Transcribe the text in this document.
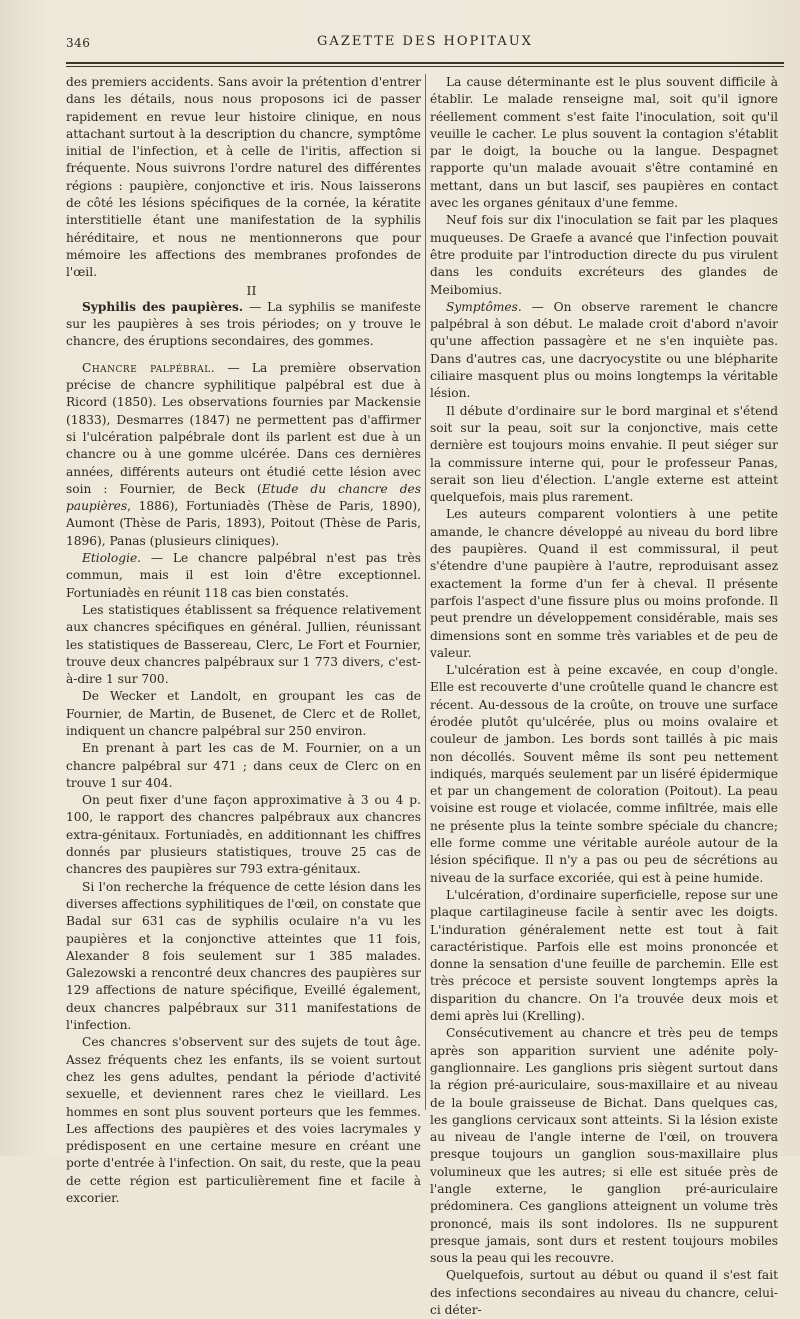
346	GAZETTE DES HOPITAUX

des premiers accidents. Sans avoir la prétention d'entrer dans les détails, nous nous proposons ici de passer rapidement en revue leur histoire clinique, en nous attachant surtout à la description du chancre, symptôme initial de l'infection, et à celle de l'iritis, affection si fréquente. Nous suivrons l'ordre naturel des différentes régions : paupière, conjonctive et iris. Nous laisserons de côté les lésions spécifiques de la cornée, la kératite interstitielle étant une manifestation de la syphilis héréditaire, et nous ne mentionnerons que pour mémoire les affections des membranes profondes de l'œil.

II

Syphilis des paupières. — La syphilis se manifeste sur les paupières à ses trois périodes; on y trouve le chancre, des éruptions secondaires, des gommes.

Chancre palpébral. — La première observation précise de chancre syphilitique palpébral est due à Ricord (1850). Les observations fournies par Mackensie (1833), Desmarres (1847) ne permettent pas d'affirmer si l'ulcération palpébrale dont ils parlent est due à un chancre ou à une gomme ulcérée. Dans ces dernières années, différents auteurs ont étudié cette lésion avec soin : Fournier, de Beck (Etude du chancre des paupières, 1886), Fortuniadès (Thèse de Paris, 1890), Aumont (Thèse de Paris, 1893), Poitout (Thèse de Paris, 1896), Panas (plusieurs cliniques).

Etiologie. — Le chancre palpébral n'est pas très commun, mais il est loin d'être exceptionnel. Fortuniadès en réunit 118 cas bien constatés.

Les statistiques établissent sa fréquence relativement aux chancres spécifiques en général. Jullien, réunissant les statistiques de Bassereau, Clerc, Le Fort et Fournier, trouve deux chancres palpébraux sur 1 773 divers, c'est-à-dire 1 sur 700.

De Wecker et Landolt, en groupant les cas de Fournier, de Martin, de Busenet, de Clerc et de Rollet, indiquent un chancre palpébral sur 250 environ.

En prenant à part les cas de M. Fournier, on a un chancre palpébral sur 471 ; dans ceux de Clerc on en trouve 1 sur 404.

On peut fixer d'une façon approximative à 3 ou 4 p. 100, le rapport des chancres palpébraux aux chancres extra-génitaux. Fortuniadès, en additionnant les chiffres donnés par plusieurs statistiques, trouve 25 cas de chancres des paupières sur 793 extra-génitaux.

Si l'on recherche la fréquence de cette lésion dans les diverses affections syphilitiques de l'œil, on constate que Badal sur 631 cas de syphilis oculaire n'a vu les paupières et la conjonctive atteintes que 11 fois, Alexander 8 fois seulement sur 1 385 malades. Galezowski a rencontré deux chancres des paupières sur 129 affections de nature spécifique, Eveillé également, deux chancres palpébraux sur 311 manifestations de l'infection.

Ces chancres s'observent sur des sujets de tout âge. Assez fréquents chez les enfants, ils se voient surtout chez les gens adultes, pendant la période d'activité sexuelle, et deviennent rares chez le vieillard. Les hommes en sont plus souvent porteurs que les femmes. Les affections des paupières et des voies lacrymales y prédisposent en une certaine mesure en créant une porte d'entrée à l'infection. On sait, du reste, que la peau de cette région est particulièrement fine et facile à excorier.

La cause déterminante est le plus souvent difficile à établir. Le malade renseigne mal, soit qu'il ignore réellement comment s'est faite l'inoculation, soit qu'il veuille le cacher. Le plus souvent la contagion s'établit par le doigt, la bouche ou la langue. Despagnet rapporte qu'un malade avouait s'être contaminé en mettant, dans un but lascif, ses paupières en contact avec les organes génitaux d'une femme.

Neuf fois sur dix l'inoculation se fait par les plaques muqueuses. De Graefe a avancé que l'infection pouvait être produite par l'introduction directe du pus virulent dans les conduits excréteurs des glandes de Meibomius.

Symptômes. — On observe rarement le chancre palpébral à son début. Le malade croit d'abord n'avoir qu'une affection passagère et ne s'en inquiète pas. Dans d'autres cas, une dacryocystite ou une blépharite ciliaire masquent plus ou moins longtemps la véritable lésion.

Il débute d'ordinaire sur le bord marginal et s'étend soit sur la peau, soit sur la conjonctive, mais cette dernière est toujours moins envahie. Il peut siéger sur la commissure interne qui, pour le professeur Panas, serait son lieu d'élection. L'angle externe est atteint quelquefois, mais plus rarement.

Les auteurs comparent volontiers à une petite amande, le chancre développé au niveau du bord libre des paupières. Quand il est commissural, il peut s'étendre d'une paupière à l'autre, reproduisant assez exactement la forme d'un fer à cheval. Il présente parfois l'aspect d'une fissure plus ou moins profonde. Il peut prendre un développement considérable, mais ses dimensions sont en somme très variables et de peu de valeur.

L'ulcération est à peine excavée, en coup d'ongle. Elle est recouverte d'une croûtelle quand le chancre est récent. Au-dessous de la croûte, on trouve une surface érodée plutôt qu'ulcérée, plus ou moins ovalaire et couleur de jambon. Les bords sont taillés à pic mais non décollés. Souvent même ils sont peu nettement indiqués, marqués seulement par un liséré épidermique et par un changement de coloration (Poitout). La peau voisine est rouge et violacée, comme infiltrée, mais elle ne présente plus la teinte sombre spéciale du chancre; elle forme comme une véritable auréole autour de la lésion spécifique. Il n'y a pas ou peu de sécrétions au niveau de la surface excoriée, qui est à peine humide.

L'ulcération, d'ordinaire superficielle, repose sur une plaque cartilagineuse facile à sentir avec les doigts. L'induration généralement nette est tout à fait caractéristique. Parfois elle est moins prononcée et donne la sensation d'une feuille de parchemin. Elle est très précoce et persiste souvent longtemps après la disparition du chancre. On l'a trouvée deux mois et demi après lui (Krelling).

Consécutivement au chancre et très peu de temps après son apparition survient une adénite poly-ganglionnaire. Les ganglions pris siègent surtout dans la région pré-auriculaire, sous-maxillaire et au niveau de la boule graisseuse de Bichat. Dans quelques cas, les ganglions cervicaux sont atteints. Si la lésion existe au niveau de l'angle interne de l'œil, on trouvera presque toujours un ganglion sous-maxillaire plus volumineux que les autres; si elle est située près de l'angle externe, le ganglion pré-auriculaire prédominera. Ces ganglions atteignent un volume très prononcé, mais ils sont indolores. Ils ne suppurent presque jamais, sont durs et restent toujours mobiles sous la peau qui les recouvre.

Quelquefois, surtout au début ou quand il s'est fait des infections secondaires au niveau du chancre, celui-ci déter-
